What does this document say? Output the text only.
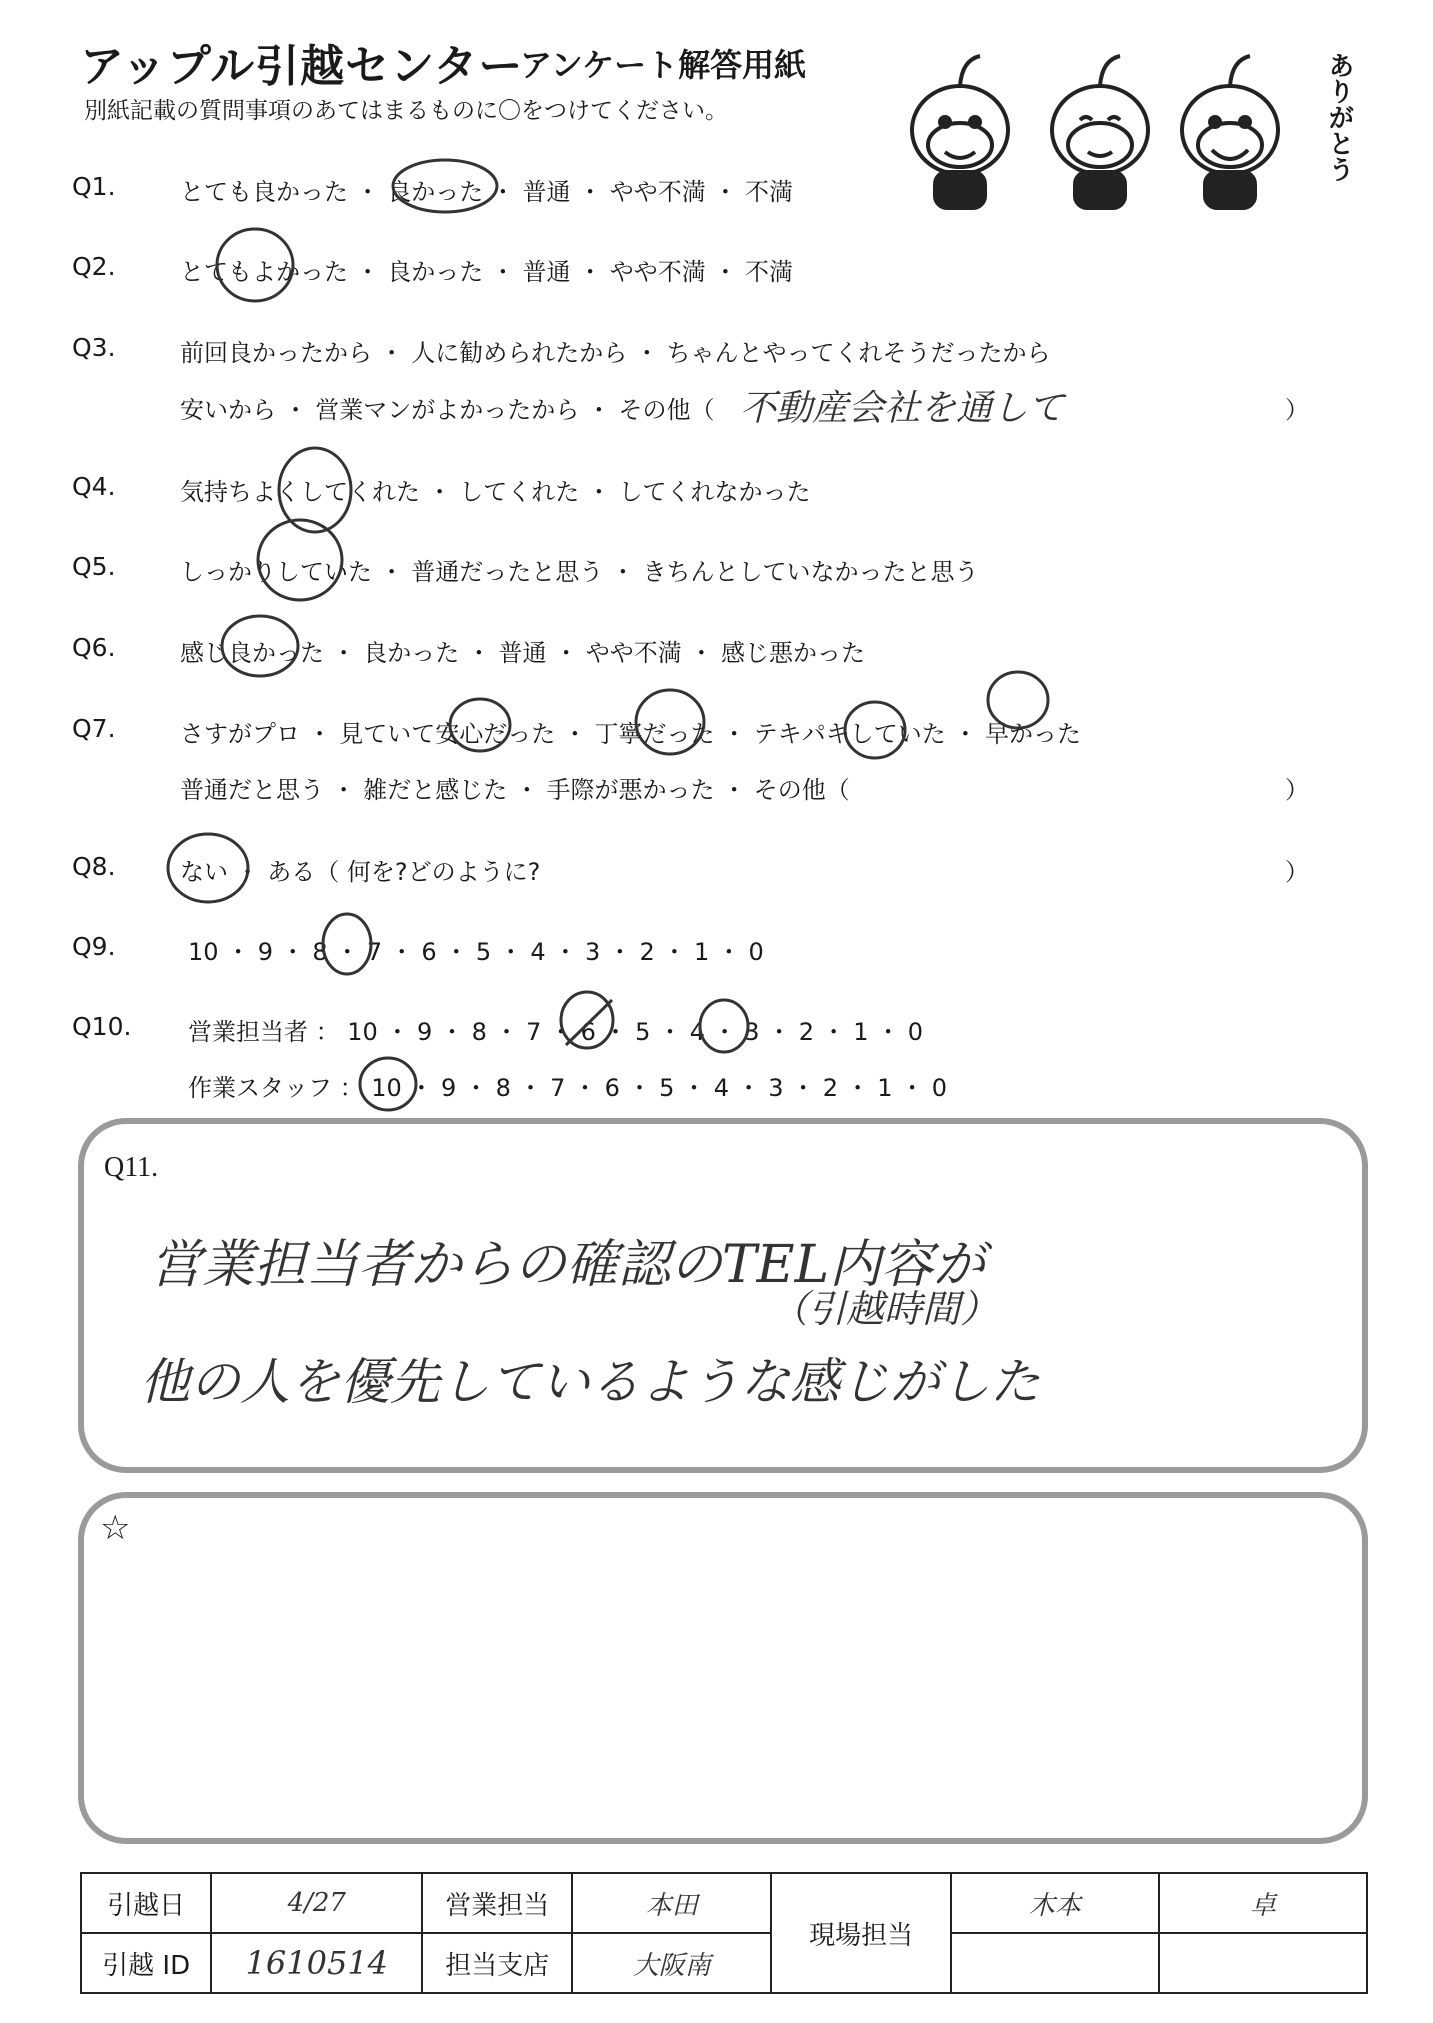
アップル引越センター
アンケート解答用紙
別紙記載の質問事項のあてはまるものに〇をつけてください。	ありがとう
Q1.	とても良かった ・ 良かった ・ 普通 ・ やや不満 ・ 不満
Q2.	とてもよかった ・ 良かった ・ 普通 ・ やや不満 ・ 不満
Q3.	前回良かったから ・ 人に勧められたから ・ ちゃんとやってくれそうだったから
安いから ・ 営業マンがよかったから ・ その他（ 不動産会社を通して	）
Q4.	気持ちよくしてくれた ・ してくれた ・ してくれなかった
Q5.	しっかりしていた ・ 普通だったと思う ・ きちんとしていなかったと思う
Q6.	感じ良かった ・ 良かった ・ 普通 ・ やや不満 ・ 感じ悪かった
Q7.	さすがプロ ・ 見ていて安心だった ・ 丁寧だった ・ テキパキしていた ・ 早かった
普通だと思う ・ 雑だと感じた ・ 手際が悪かった ・ その他（	）
Q8.	ない ・ ある（ 何を?どのように?	）
Q9.	10 ・ 9 ・ 8 ・ 7 ・ 6 ・ 5 ・ 4 ・ 3 ・ 2 ・ 1 ・ 0
Q10. 営業担当者 ： 10 ・ 9 ・ 8 ・ 7 ・ 6 ・ 5 ・ 4 ・ 3 ・ 2 ・ 1 ・ 0
作業スタッフ ： 10 ・ 9 ・ 8 ・ 7 ・ 6 ・ 5 ・ 4 ・ 3 ・ 2 ・ 1 ・ 0
Q11.
営業担当者からの確認のTEL内容が
（引越時間）
他の人を優先しているような感じがした
☆
引越日	4/27	営業担当	本田	現場担当	木本	卓
引越 ID	1610514	担当支店	大阪南			
